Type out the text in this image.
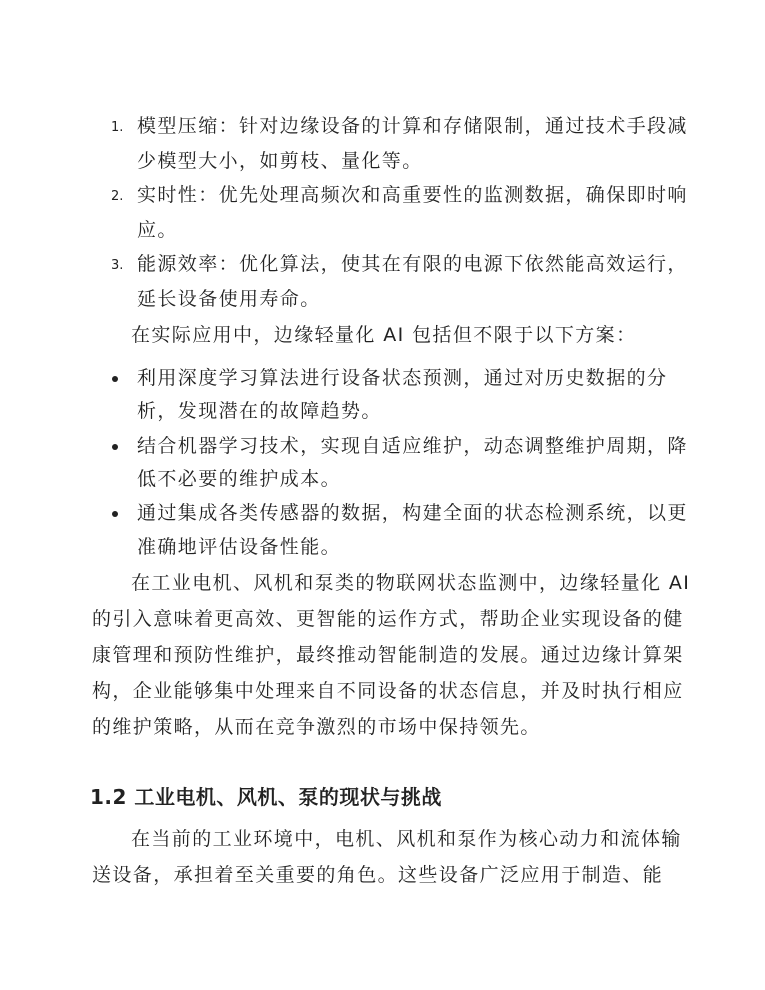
1. 模型压缩：针对边缘设备的计算和存储限制，通过技术手段减
少模型大小，如剪枝、量化等。
2. 实时性：优先处理高频次和高重要性的监测数据，确保即时响
应。
3. 能源效率：优化算法，使其在有限的电源下依然能高效运行，
延长设备使用寿命。
在实际应用中，边缘轻量化 AI 包括但不限于以下方案：
利用深度学习算法进行设备状态预测，通过对历史数据的分
析，发现潜在的故障趋势。
结合机器学习技术，实现自适应维护，动态调整维护周期，降
低不必要的维护成本。
通过集成各类传感器的数据，构建全面的状态检测系统，以更
准确地评估设备性能。
在工业电机、风机和泵类的物联网状态监测中，边缘轻量化 AI
的引入意味着更高效、更智能的运作方式，帮助企业实现设备的健
康管理和预防性维护，最终推动智能制造的发展。通过边缘计算架
构，企业能够集中处理来自不同设备的状态信息，并及时执行相应
的维护策略，从而在竞争激烈的市场中保持领先。
1.2 工业电机、风机、泵的现状与挑战
在当前的工业环境中，电机、风机和泵作为核心动力和流体输
送设备，承担着至关重要的角色。这些设备广泛应用于制造、能
